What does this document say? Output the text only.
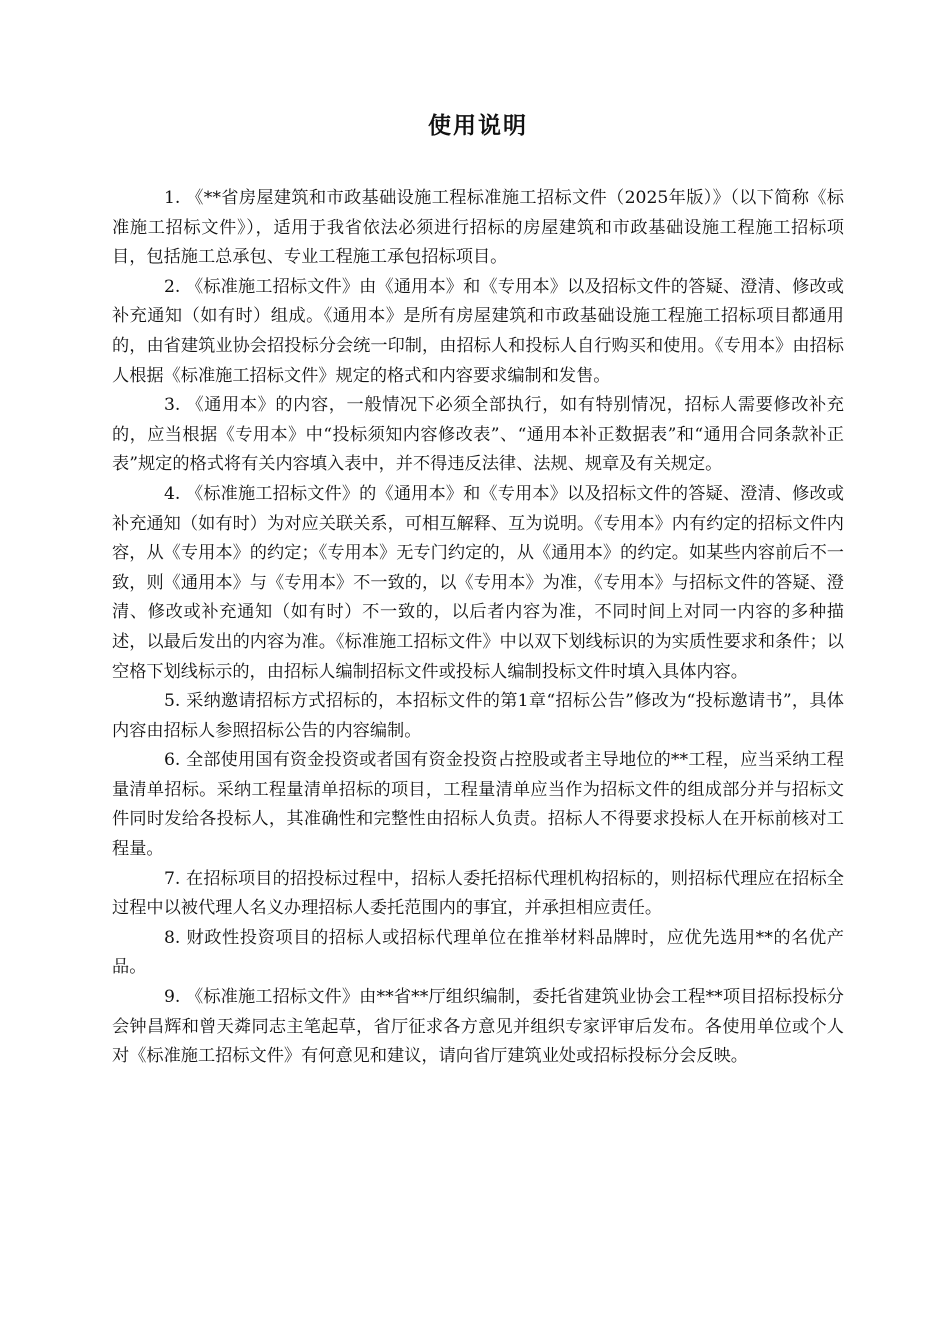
使用说明

1. 《**省房屋建筑和市政基础设施工程标准施工招标文件（2025年版）》（以下简称《标准施工招标文件》），适用于我省依法必须进行招标的房屋建筑和市政基础设施工程施工招标项目，包括施工总承包、专业工程施工承包招标项目。

2. 《标准施工招标文件》由《通用本》和《专用本》以及招标文件的答疑、澄清、修改或补充通知（如有时）组成。《通用本》是所有房屋建筑和市政基础设施工程施工招标项目都通用的，由省建筑业协会招投标分会统一印制，由招标人和投标人自行购买和使用。《专用本》由招标人根据《标准施工招标文件》规定的格式和内容要求编制和发售。

3. 《通用本》的内容，一般情况下必须全部执行，如有特别情况，招标人需要修改补充的，应当根据《专用本》中“投标须知内容修改表”、“通用本补正数据表”和“通用合同条款补正表”规定的格式将有关内容填入表中，并不得违反法律、法规、规章及有关规定。

4. 《标准施工招标文件》的《通用本》和《专用本》以及招标文件的答疑、澄清、修改或补充通知（如有时）为对应关联关系，可相互解释、互为说明。《专用本》内有约定的招标文件内容，从《专用本》的约定；《专用本》无专门约定的，从《通用本》的约定。如某些内容前后不一致，则《通用本》与《专用本》不一致的，以《专用本》为准，《专用本》与招标文件的答疑、澄清、修改或补充通知（如有时）不一致的，以后者内容为准，不同时间上对同一内容的多种描述，以最后发出的内容为准。《标准施工招标文件》中以双下划线标识的为实质性要求和条件；以空格下划线标示的，由招标人编制招标文件或投标人编制投标文件时填入具体内容。

5. 采纳邀请招标方式招标的，本招标文件的第1章“招标公告”修改为“投标邀请书”，具体内容由招标人参照招标公告的内容编制。

6. 全部使用国有资金投资或者国有资金投资占控股或者主导地位的**工程，应当采纳工程量清单招标。采纳工程量清单招标的项目，工程量清单应当作为招标文件的组成部分并与招标文件同时发给各投标人，其准确性和完整性由招标人负责。招标人不得要求投标人在开标前核对工程量。

7. 在招标项目的招投标过程中，招标人委托招标代理机构招标的，则招标代理应在招标全过程中以被代理人名义办理招标人委托范围内的事宜，并承担相应责任。

8. 财政性投资项目的招标人或招标代理单位在推举材料品牌时，应优先选用**的名优产品。

9. 《标准施工招标文件》由**省**厅组织编制，委托省建筑业协会工程**项目招标投标分会钟昌辉和曾天粦同志主笔起草，省厅征求各方意见并组织专家评审后发布。各使用单位或个人对《标准施工招标文件》有何意见和建议，请向省厅建筑业处或招标投标分会反映。
